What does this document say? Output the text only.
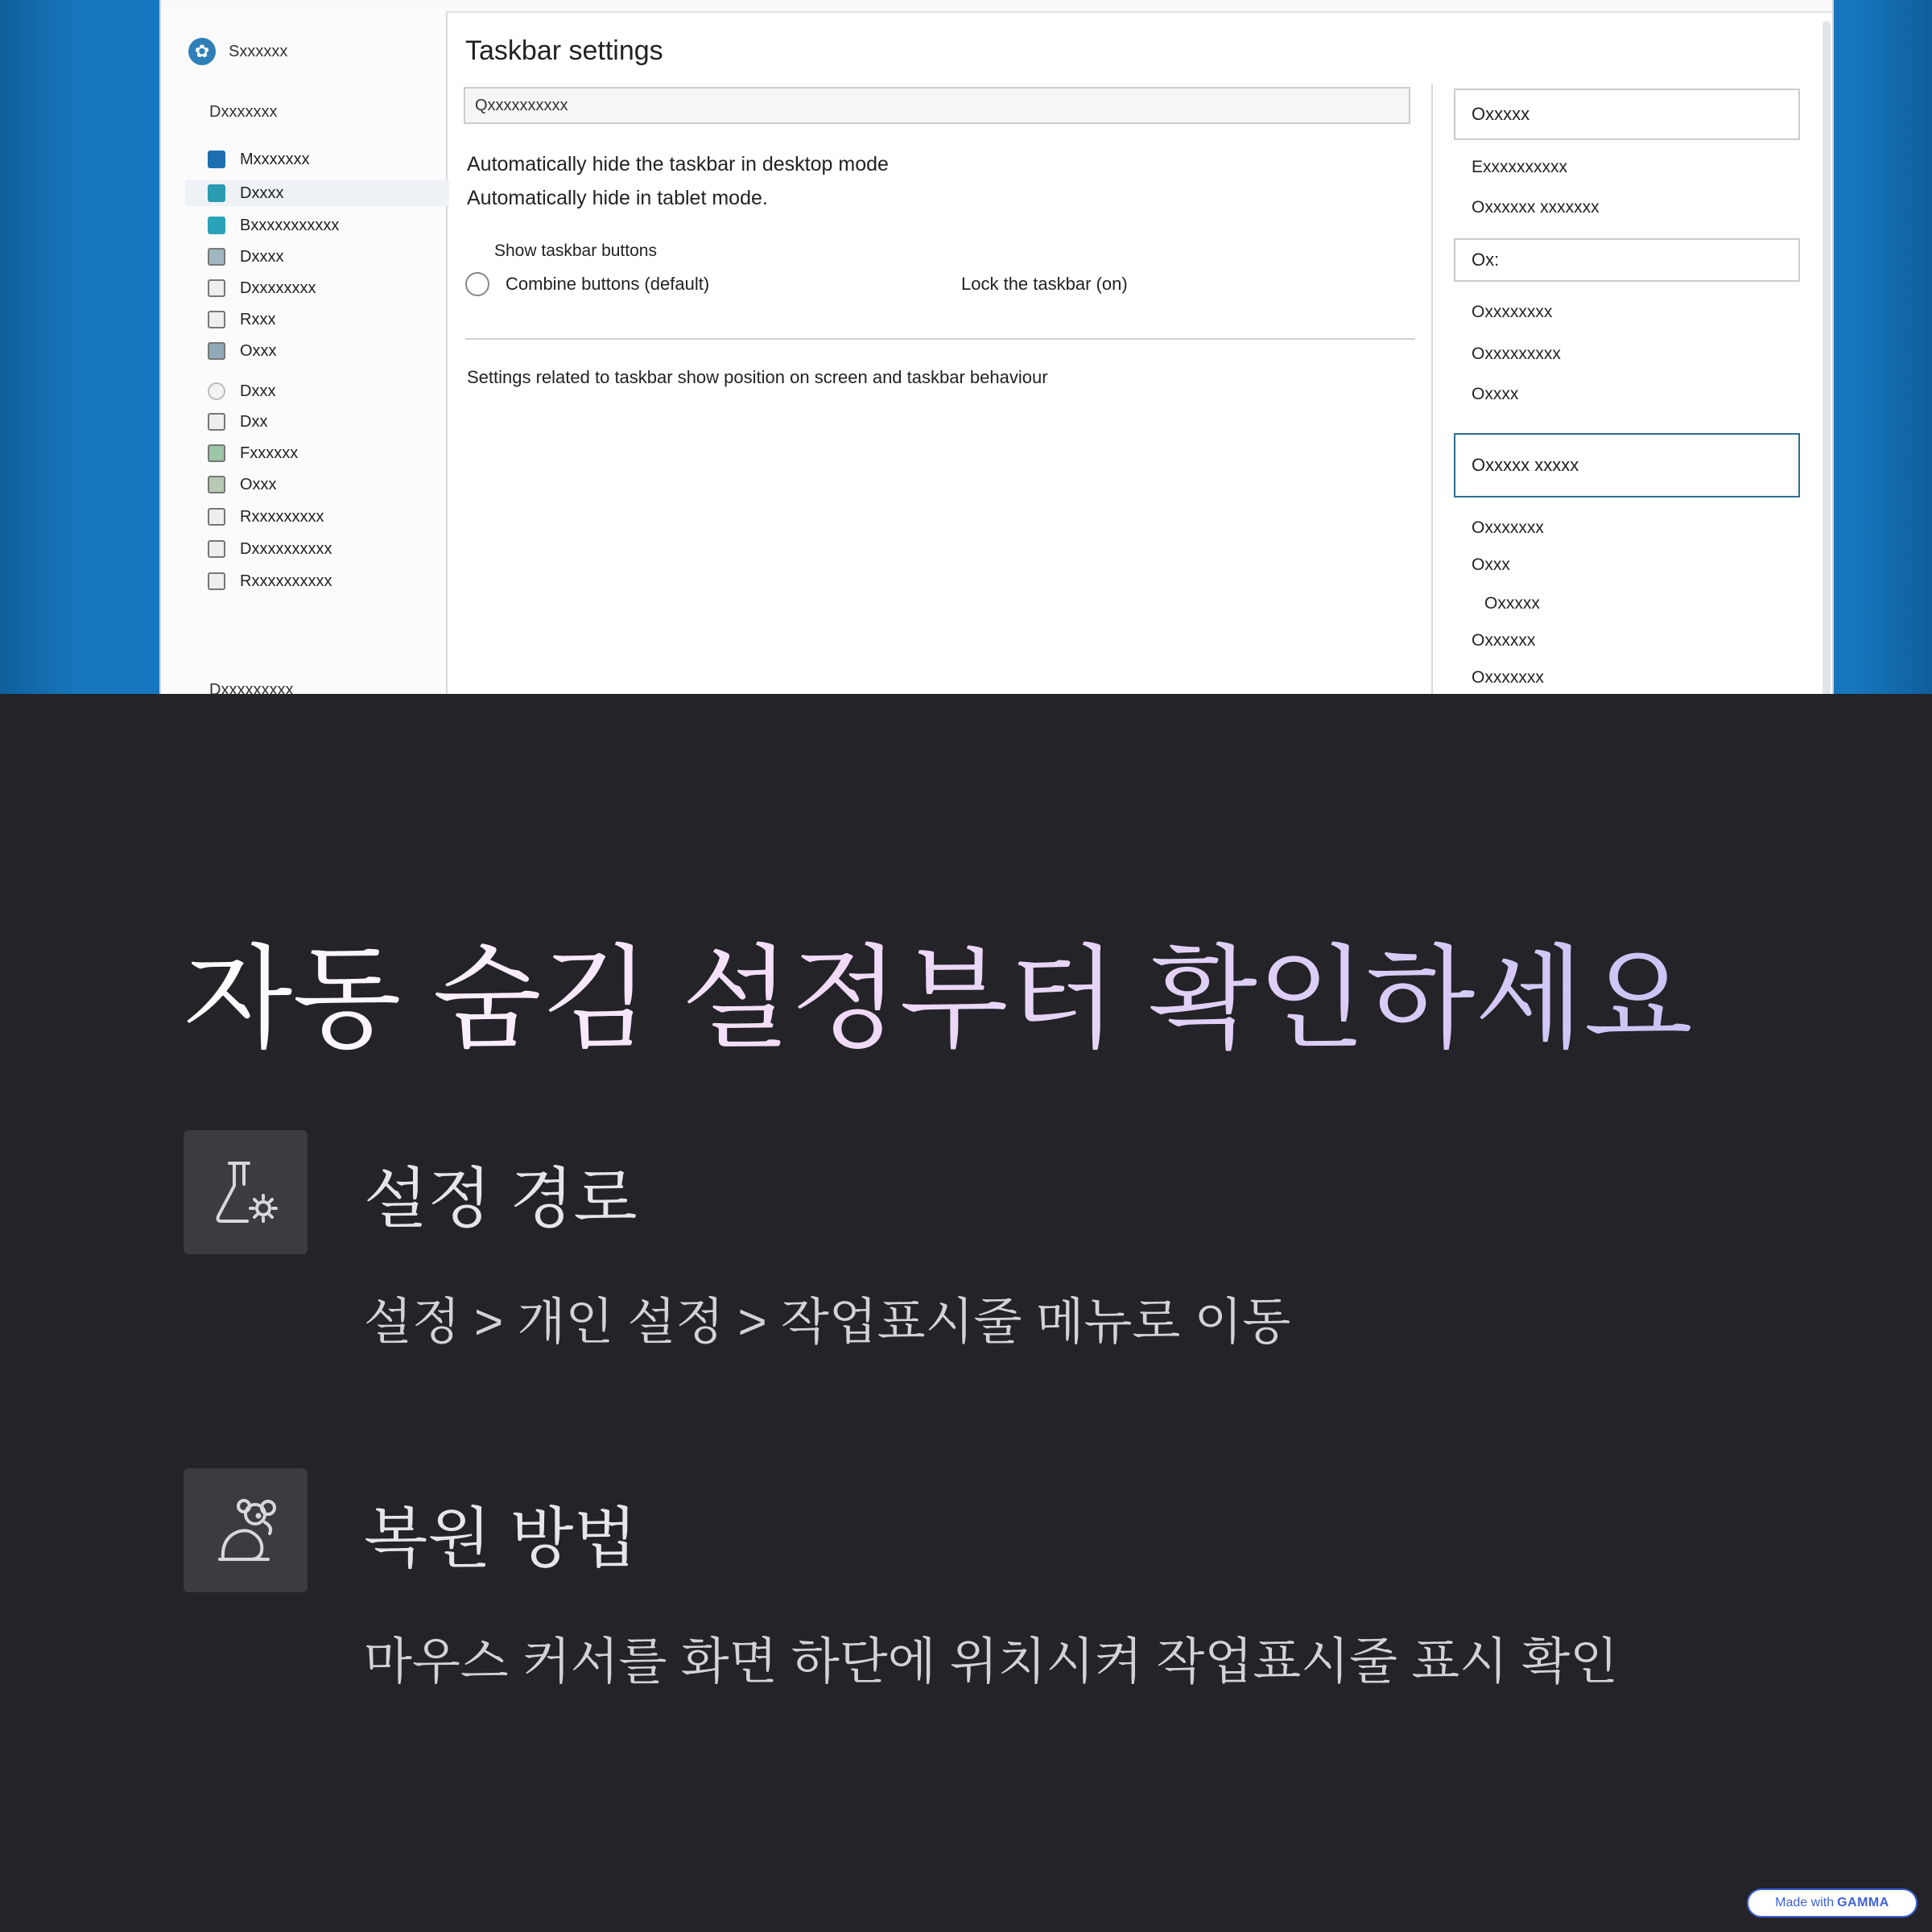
✿	Sxxxxxx
Dxxxxxxx
Mxxxxxxx
Dxxxx
Bxxxxxxxxxxx
Dxxxx
Dxxxxxxxx
Rxxx
Oxxx
Dxxx
Dxx
Fxxxxxx
Oxxx
Rxxxxxxxxx
Dxxxxxxxxxx
Rxxxxxxxxxx
Dxxxxxxxxx
Taskbar settings
Qxxxxxxxxxx
Automatically hide the taskbar in desktop mode
Automatically hide in tablet mode.
Show taskbar buttons
Combine buttons (default)	Lock the taskbar (on)
Settings related to taskbar show position on screen and taskbar behaviour
Oxxxxx
Exxxxxxxxxx
Oxxxxxx xxxxxxx
Ox:
Oxxxxxxxx
Oxxxxxxxxx
Oxxxx
Oxxxxx xxxxx
Oxxxxxxx
Oxxx
Oxxxxx
Oxxxxxx
Oxxxxxxx
자동 숨김 설정부터 확인하세요
설정 경로
설정 > 개인 설정 > 작업표시줄 메뉴로 이동
복원 방법
마우스 커서를 화면 하단에 위치시켜 작업표시줄 표시 확인
Made with GAMMA
